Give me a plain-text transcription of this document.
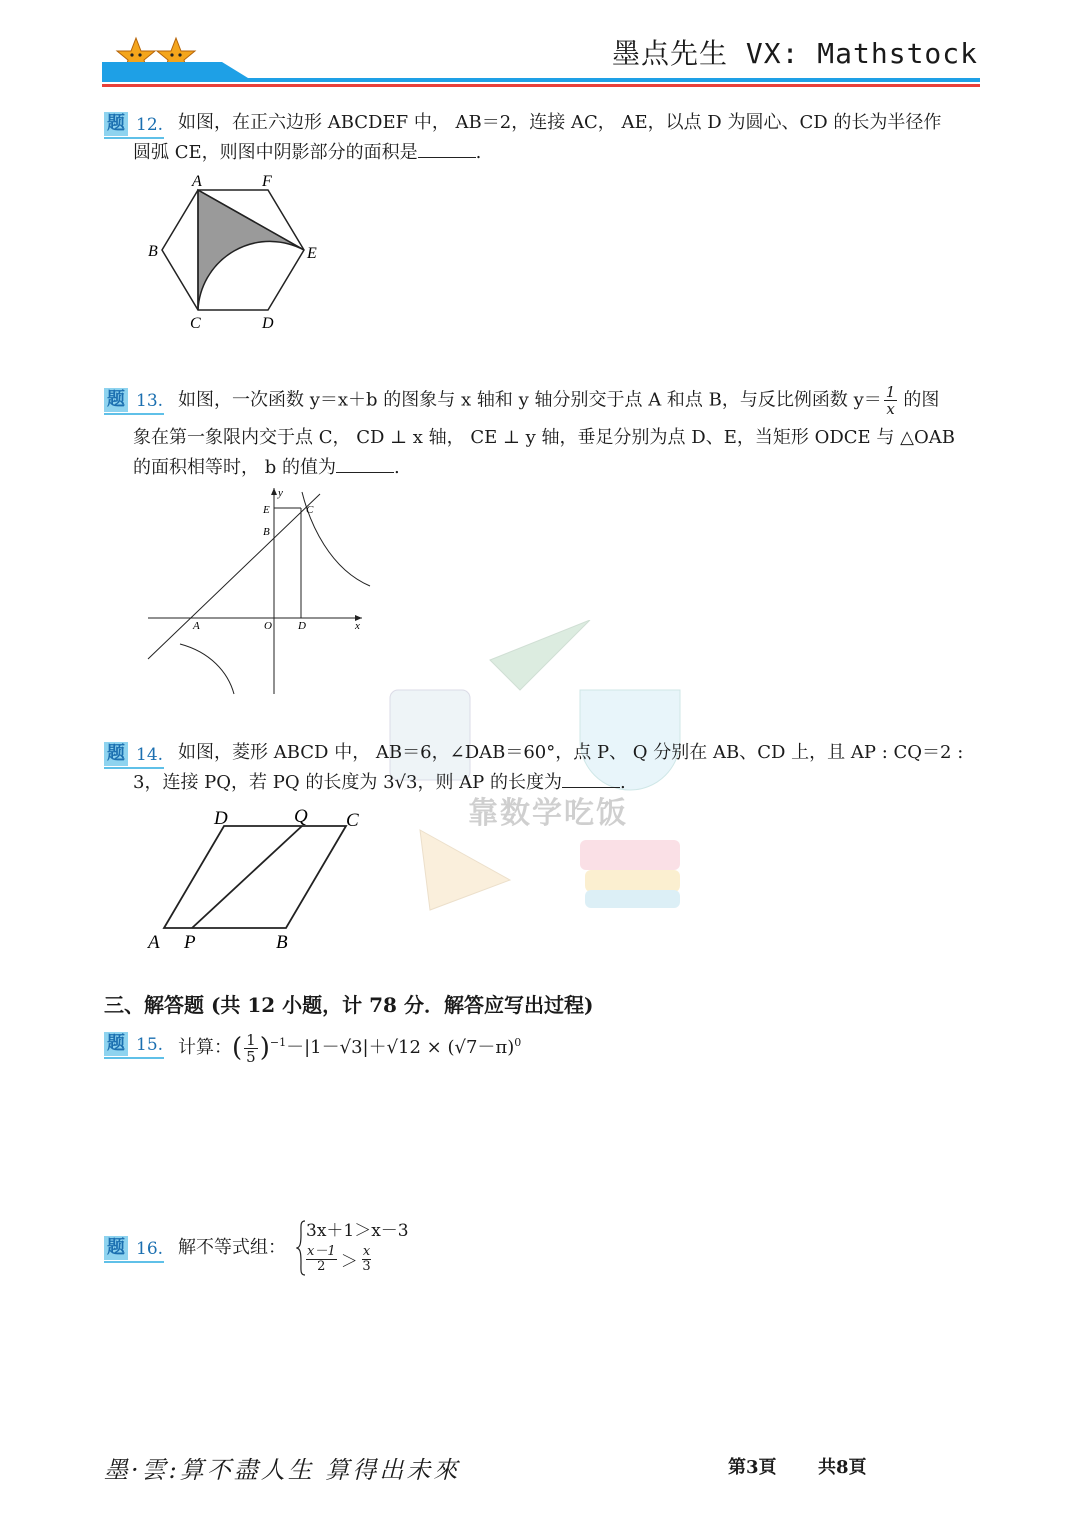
墨点先生 VX: Mathstock
题 12. 如图，在正六边形 ABCDEF 中， AB＝2，连接 AC， AE，以点 D 为圆心、CD 的长为半径作
圆弧 CE，则图中阴影部分的面积是	.
A	F
B	E
C	D
题 13. 如图，一次函数 y＝x＋b 的图象与 x 轴和 y 轴分别交于点 A 和点 B，与反比例函数 $y= \frac{1}{x}$ 的图
象在第一象限内交于点 C， CD ⊥ x 轴， CE ⊥ y 轴，垂足分别为点 D、E，当矩形 ODCE 与 △OAB
的面积相等时， b 的值为	.
y
E	C
B
A	O D	x
靠数学吃饭
题 14. 如图，菱形 ABCD 中， AB＝6，∠DAB＝60°，点 P、 Q 分别在 AB、CD 上，且 AP : CQ＝2 :
3，连接 PQ，若 PQ 的长度为 3√3，则 AP 的长度为	.
D	Q C
A P	B
三、解答题 (共 12 小题，计 78 分．解答应写出过程)
题 15. 计算：( $\frac{1}{5} )^{-1}-|1-√3|+√12 \times (√7-\pi)^0$
题 16. 解不等式组：
3x＋1＞x－3
$\frac{x-1}{2} > \frac{x}{3}$
墨·雲:算不盡人生 算得出未來	第3頁 共8頁
